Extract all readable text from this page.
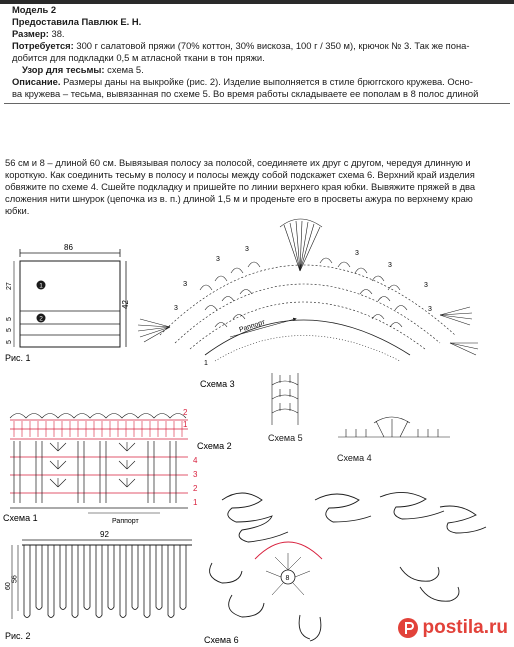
Модель 2
Предоставила Павлюк Е. Н.
Размер: 38.
Потребуется: 300 г салатовой пряжи (70% коттон, 30% вискоза, 100 г / 350 м), крючок № 3. Так же пона-
добится для подкладки 0,5 м атласной ткани в тон пряжи.
Узор для тесьмы: схема 5.
Описание. Размеры даны на выкройке (рис. 2). Изделие выполняется в стиле брюггского кружева. Осно-
ва кружева – тесьма, вывязанная по схеме 5. Во время работы складываете ее пополам в 8 полос длиной
56 см и 8 – длиной 60 см. Вывязывая полосу за полосой, соединяете их друг с другом, чередуя длинную и
короткую. Как соединить тесьму в полосу и полосы между собой подскажет схема 6. Верхний край изделия
обвяжите по схеме 4. Сшейте подкладку и пришейте по линии верхнего края юбки. Вывяжите пряжей в два
сложения нити шнурок (цепочка из в. п.) длиной 1,5 м и проденьте его в просветы ажура по верхнему краю
юбки.
86
42
27
5
5
5
1
2
Рис. 1
Раппорт
3
3
3
3
3
3
3
3
1
Схема 3
Схема 5
Схема 4
2
1
4
3
2
1
Схема 2
Раппорт
Схема 1
92
60
56
Рис. 2
8
Схема 6
postila.ru
